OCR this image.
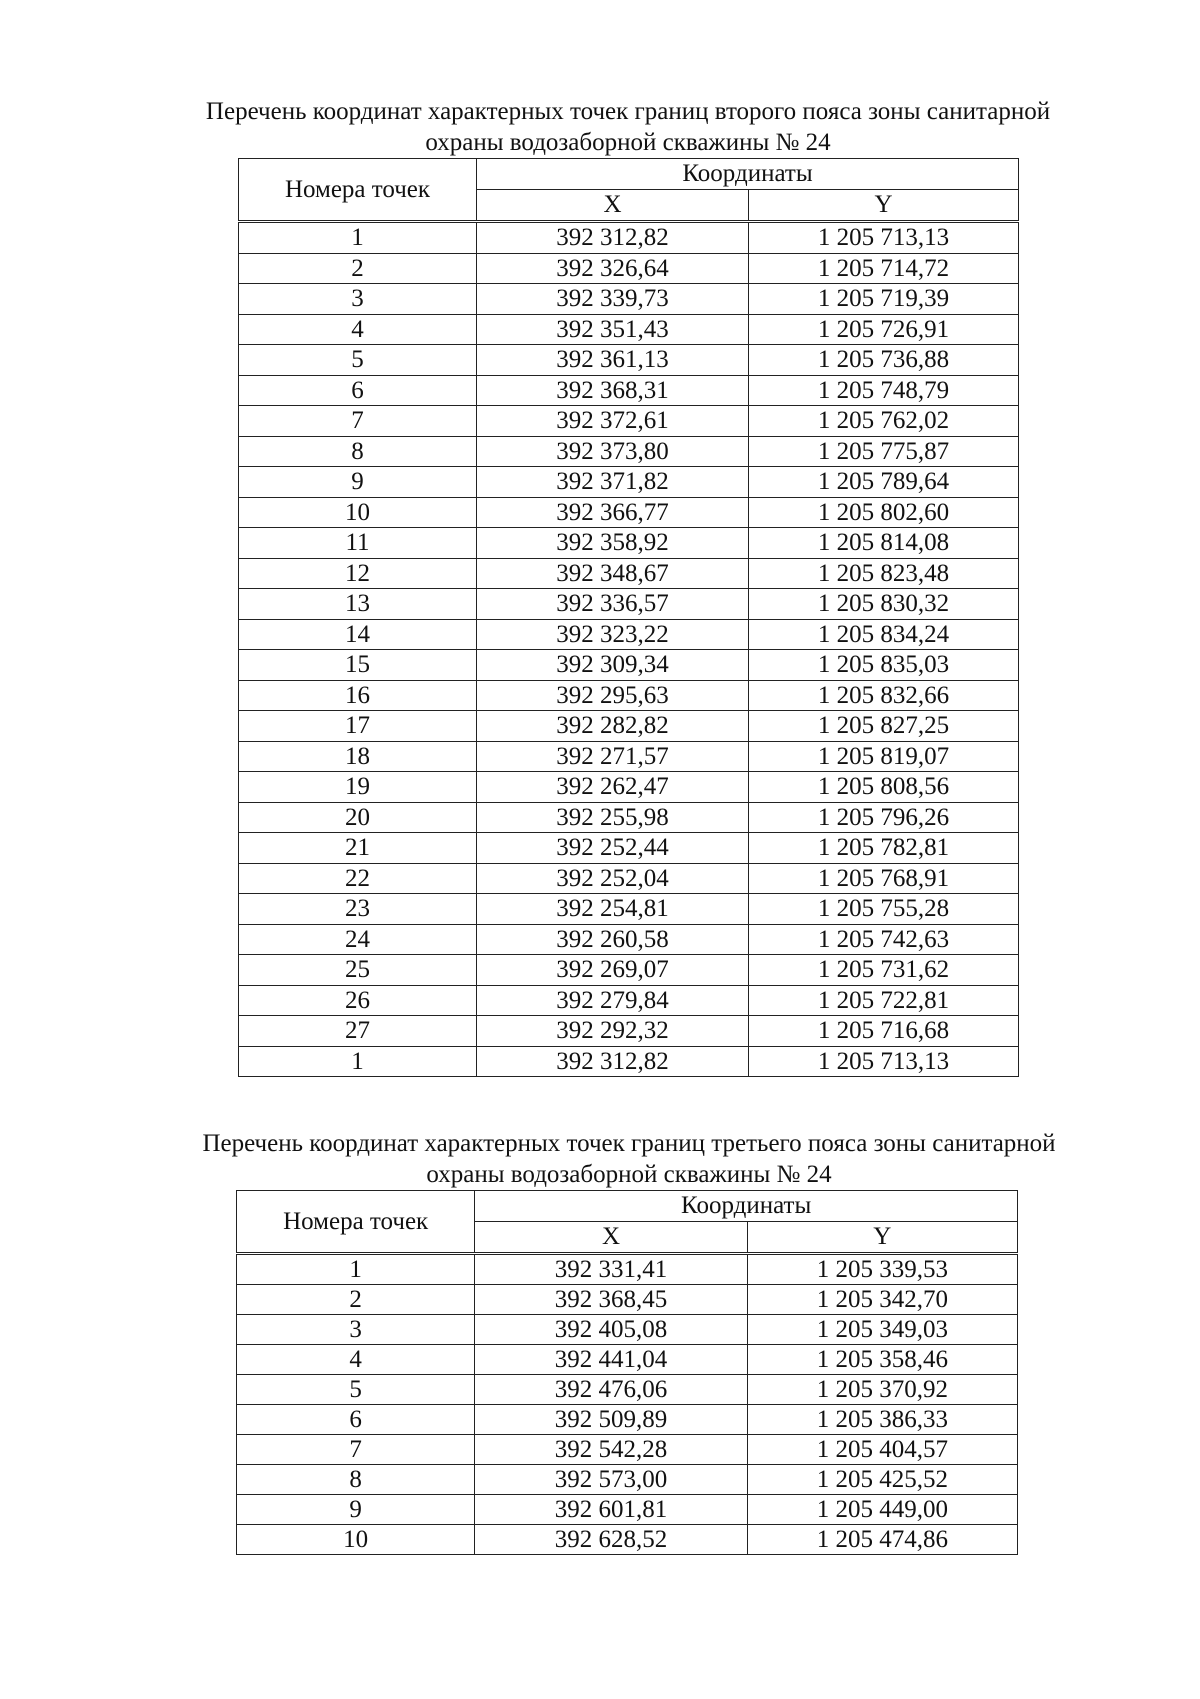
Перечень координат характерных точек границ второго пояса зоны санитарной
охраны водозаборной скважины № 24
Номера точек	Координаты	
	X	Y
1	392 312,82	1 205 713,13
2	392 326,64	1 205 714,72
3	392 339,73	1 205 719,39
4	392 351,43	1 205 726,91
5	392 361,13	1 205 736,88
6	392 368,31	1 205 748,79
7	392 372,61	1 205 762,02
8	392 373,80	1 205 775,87
9	392 371,82	1 205 789,64
10	392 366,77	1 205 802,60
11	392 358,92	1 205 814,08
12	392 348,67	1 205 823,48
13	392 336,57	1 205 830,32
14	392 323,22	1 205 834,24
15	392 309,34	1 205 835,03
16	392 295,63	1 205 832,66
17	392 282,82	1 205 827,25
18	392 271,57	1 205 819,07
19	392 262,47	1 205 808,56
20	392 255,98	1 205 796,26
21	392 252,44	1 205 782,81
22	392 252,04	1 205 768,91
23	392 254,81	1 205 755,28
24	392 260,58	1 205 742,63
25	392 269,07	1 205 731,62
26	392 279,84	1 205 722,81
27	392 292,32	1 205 716,68
1	392 312,82	1 205 713,13
Перечень координат характерных точек границ третьего пояса зоны санитарной
охраны водозаборной скважины № 24
Номера точек	Координаты	
	X	Y
1	392 331,41	1 205 339,53
2	392 368,45	1 205 342,70
3	392 405,08	1 205 349,03
4	392 441,04	1 205 358,46
5	392 476,06	1 205 370,92
6	392 509,89	1 205 386,33
7	392 542,28	1 205 404,57
8	392 573,00	1 205 425,52
9	392 601,81	1 205 449,00
10	392 628,52	1 205 474,86
